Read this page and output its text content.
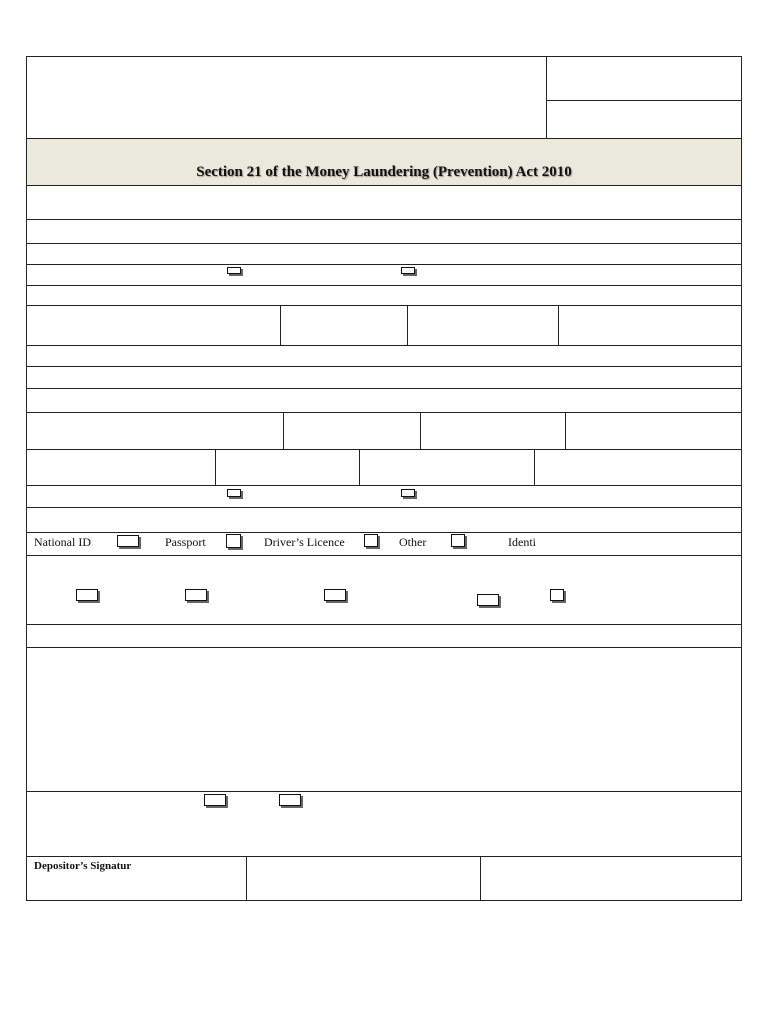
Section 21 of the Money Laundering (Prevention) Act 2010
National ID	Passport	Driver’s Licence	Other	Identi
Depositor’s Signatur
